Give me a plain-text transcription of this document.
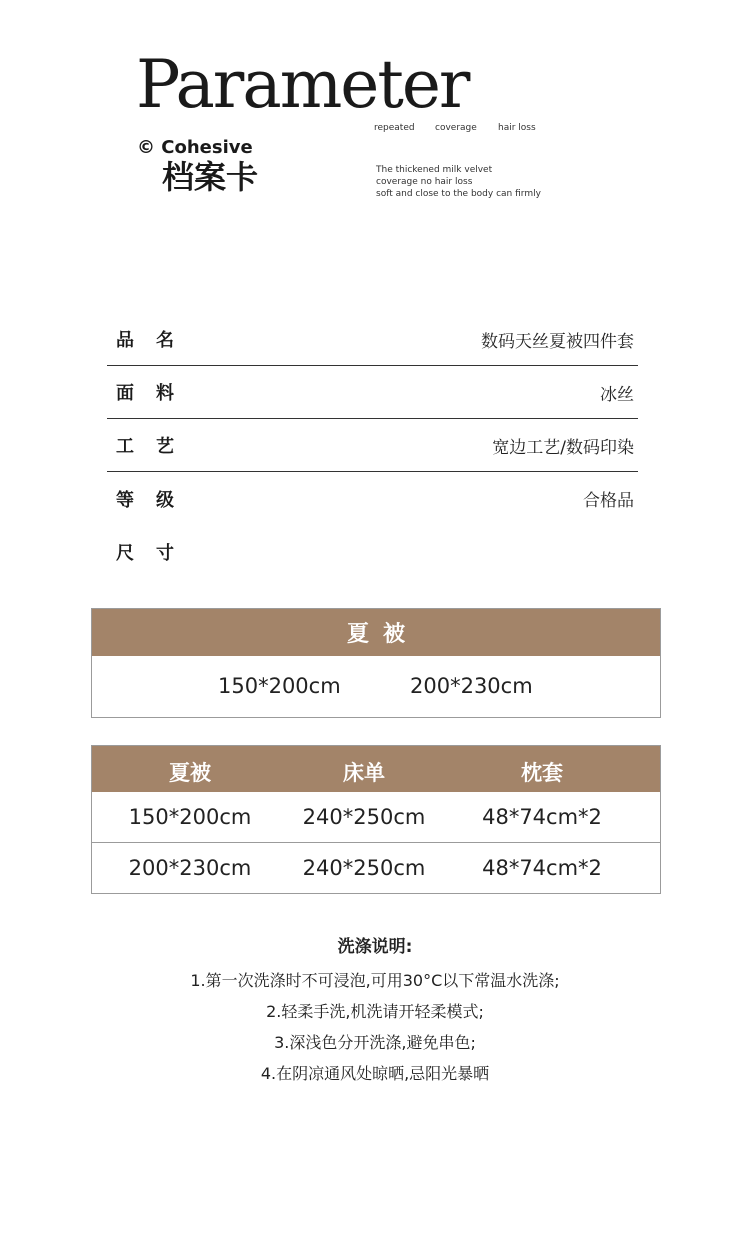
Parameter
repeated	coverage	hair loss
© Cohesive
档案卡	The thickened milk velvet
coverage no hair loss
soft and close to the body can firmly
品名	数码天丝夏被四件套
面料	冰丝
工艺	宽边工艺/数码印染
等级	合格品
尺寸
夏被
150*200cm	200*230cm
夏被	床单	枕套
150*200cm	240*250cm	48*74cm*2
200*230cm	240*250cm	48*74cm*2
洗涤说明:
1.第一次洗涤时不可浸泡,可用30°C以下常温水洗涤;
2.轻柔手洗,机洗请开轻柔模式;
3.深浅色分开洗涤,避免串色;
4.在阴凉通风处晾晒,忌阳光暴晒
